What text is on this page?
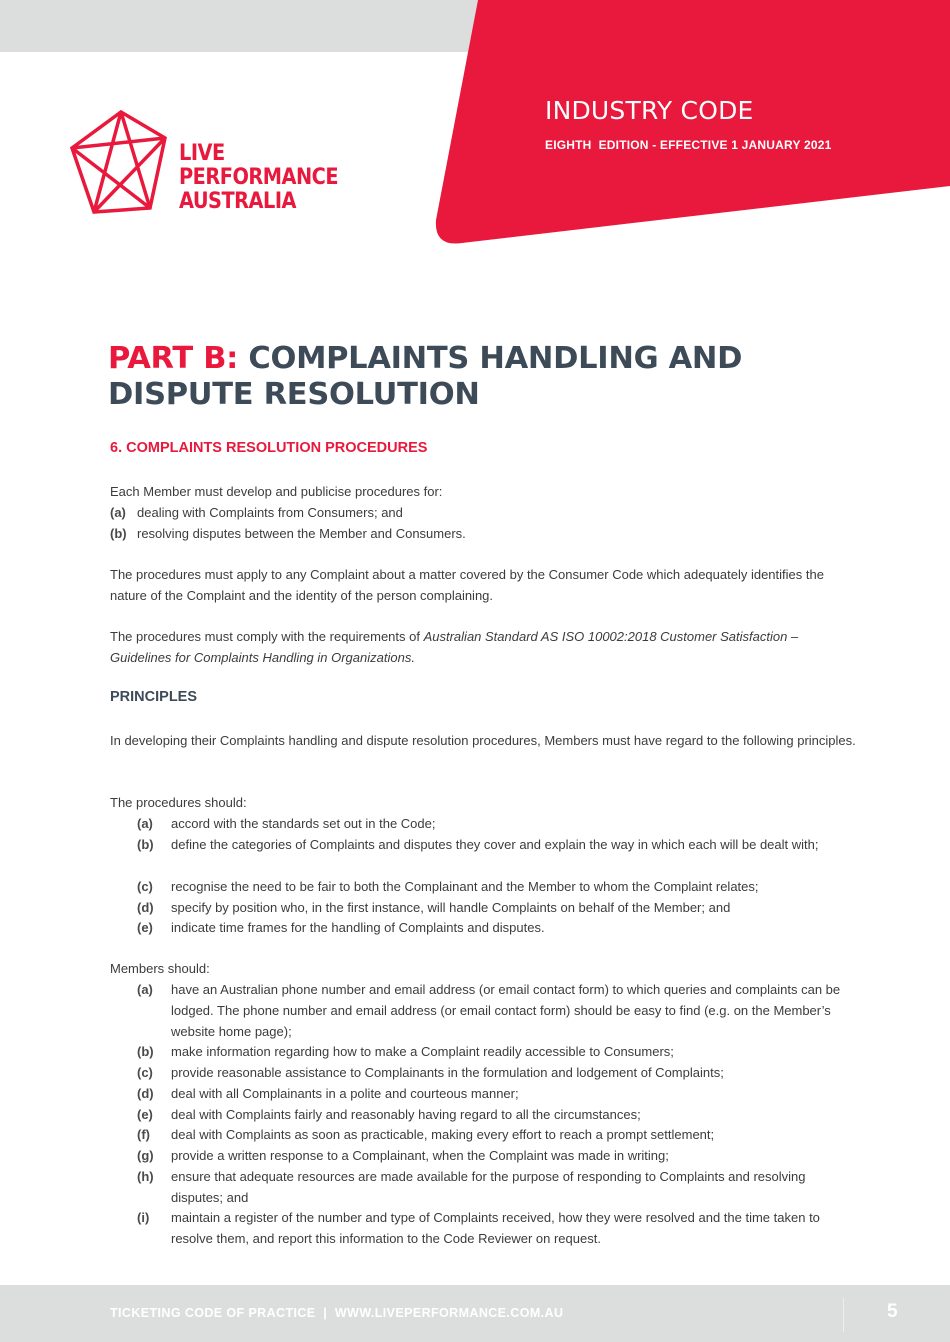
LIVE
PERFORMANCE
AUSTRALIA
INDUSTRY CODE
EIGHTH  EDITION - EFFECTIVE 1 JANUARY 2021
PART B: COMPLAINTS HANDLING AND DISPUTE RESOLUTION
6. COMPLAINTS RESOLUTION PROCEDURES
Each Member must develop and publicise procedures for:
(a) dealing with Complaints from Consumers; and
(b) resolving disputes between the Member and Consumers.
The procedures must apply to any Complaint about a matter covered by the Consumer Code which adequately identifies the nature of the Complaint and the identity of the person complaining.
The procedures must comply with the requirements of Australian Standard AS ISO 10002:2018 Customer Satisfaction – Guidelines for Complaints Handling in Organizations.
PRINCIPLES
In developing their Complaints handling and dispute resolution procedures, Members must have regard to the following principles.
The procedures should:
(a) accord with the standards set out in the Code;
(b) define the categories of Complaints and disputes they cover and explain the way in which each will be dealt with;
(c) recognise the need to be fair to both the Complainant and the Member to whom the Complaint relates;
(d) specify by position who, in the first instance, will handle Complaints on behalf of the Member; and
(e) indicate time frames for the handling of Complaints and disputes.
Members should:
(a) have an Australian phone number and email address (or email contact form) to which queries and complaints can be lodged. The phone number and email address (or email contact form) should be easy to find (e.g. on the Member’s website home page);
(b) make information regarding how to make a Complaint readily accessible to Consumers;
(c) provide reasonable assistance to Complainants in the formulation and lodgement of Complaints;
(d) deal with all Complainants in a polite and courteous manner;
(e) deal with Complaints fairly and reasonably having regard to all the circumstances;
(f) deal with Complaints as soon as practicable, making every effort to reach a prompt settlement;
(g) provide a written response to a Complainant, when the Complaint was made in writing;
(h) ensure that adequate resources are made available for the purpose of responding to Complaints and resolving disputes; and
(i) maintain a register of the number and type of Complaints received, how they were resolved and the time taken to resolve them, and report this information to the Code Reviewer on request.
TICKETING CODE OF PRACTICE  |  WWW.LIVEPERFORMANCE.COM.AU	5
